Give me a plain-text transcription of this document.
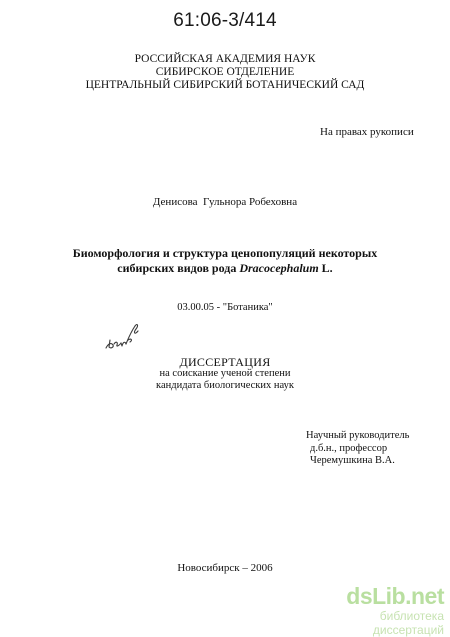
61:06-3/414
РОССИЙСКАЯ АКАДЕМИЯ НАУК
СИБИРСКОЕ ОТДЕЛЕНИЕ
ЦЕНТРАЛЬНЫЙ СИБИРСКИЙ БОТАНИЧЕСКИЙ САД
На правах рукописи
Денисова  Гульнора Робеховна
Биоморфология и структура ценопопуляций некоторых
сибирских видов рода Dracocephalum L.
03.00.05 - "Ботаника"
ДИССЕРТАЦИЯ
на соискание ученой степени
кандидата биологических наук
Научный руководитель
д.б.н., профессор
Черемушкина В.А.
Новосибирск – 2006
dsLib.net
библиотека диссертаций
